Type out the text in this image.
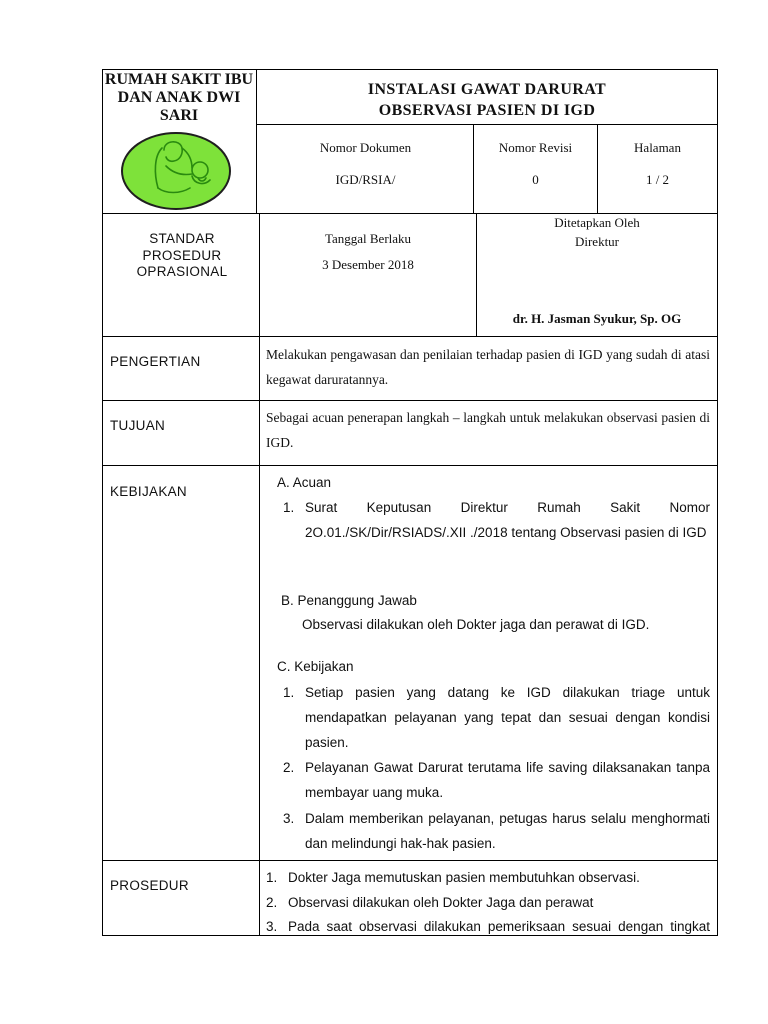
RUMAH SAKIT IBU DAN ANAK DWI SARI
INSTALASI GAWAT DARURAT
OBSERVASI PASIEN DI IGD
Nomor Dokumen
IGD/RSIA/
Nomor Revisi
0
Halaman
1 / 2
STANDAR PROSEDUR OPRASIONAL
Tanggal Berlaku
3 Desember 2018
Ditetapkan Oleh
Direktur
dr. H. Jasman Syukur, Sp. OG
PENGERTIAN	Melakukan pengawasan dan penilaian terhadap pasien di IGD yang sudah di atasi kegawat daruratannya.
TUJUAN
Sebagai acuan penerapan langkah – langkah untuk melakukan observasi pasien di IGD.
KEBIJAKAN
A. Acuan
1. Surat Keputusan Direktur Rumah Sakit Nomor 2O.01./SK/Dir/RSIADS/.XII ./2018 tentang Observasi pasien di IGD
B. Penanggung Jawab
Observasi dilakukan oleh Dokter jaga dan perawat di IGD.
C. Kebijakan
1. Setiap pasien yang datang ke IGD dilakukan triage untuk mendapatkan pelayanan yang tepat dan sesuai dengan kondisi pasien.
2. Pelayanan Gawat Darurat terutama life saving dilaksanakan tanpa membayar uang muka.
3. Dalam memberikan pelayanan, petugas harus selalu menghormati dan melindungi hak-hak pasien.
PROSEDUR
1. Dokter Jaga memutuskan pasien membutuhkan observasi.
2. Observasi dilakukan oleh Dokter Jaga dan perawat
3. Pada saat observasi dilakukan pemeriksaan sesuai dengan tingkat
